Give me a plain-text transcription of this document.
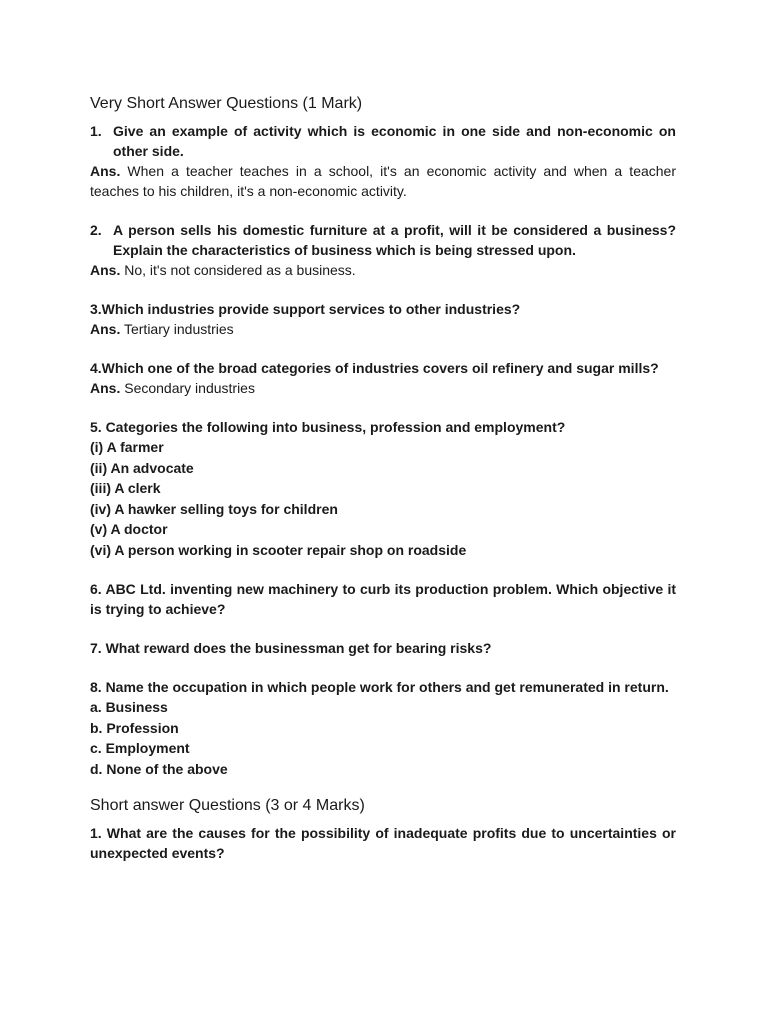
Very Short Answer Questions (1 Mark)
1. Give an example of activity which is economic in one side and non-economic on other side.

Ans. When a teacher teaches in a school, it's an economic activity and when a teacher teaches to his children, it's a non-economic activity.

2. A person sells his domestic furniture at a profit, will it be considered a business? Explain the characteristics of business which is being stressed upon.

Ans. No, it's not considered as a business.

3.Which industries provide support services to other industries?

Ans. Tertiary industries

4.Which one of the broad categories of industries covers oil refinery and sugar mills?

Ans. Secondary industries

5. Categories the following into business, profession and employment?

(i) A farmer

(ii) An advocate

(iii) A clerk

(iv) A hawker selling toys for children

(v) A doctor

(vi) A person working in scooter repair shop on roadside

6. ABC Ltd. inventing new machinery to curb its production problem. Which objective it is trying to achieve?

7. What reward does the businessman get for bearing risks?

8. Name the occupation in which people work for others and get remunerated in return.

a. Business

b. Profession

c. Employment

d. None of the above

Short answer Questions (3 or 4 Marks)

1. What are the causes for the possibility of inadequate profits due to uncertainties or unexpected events?
